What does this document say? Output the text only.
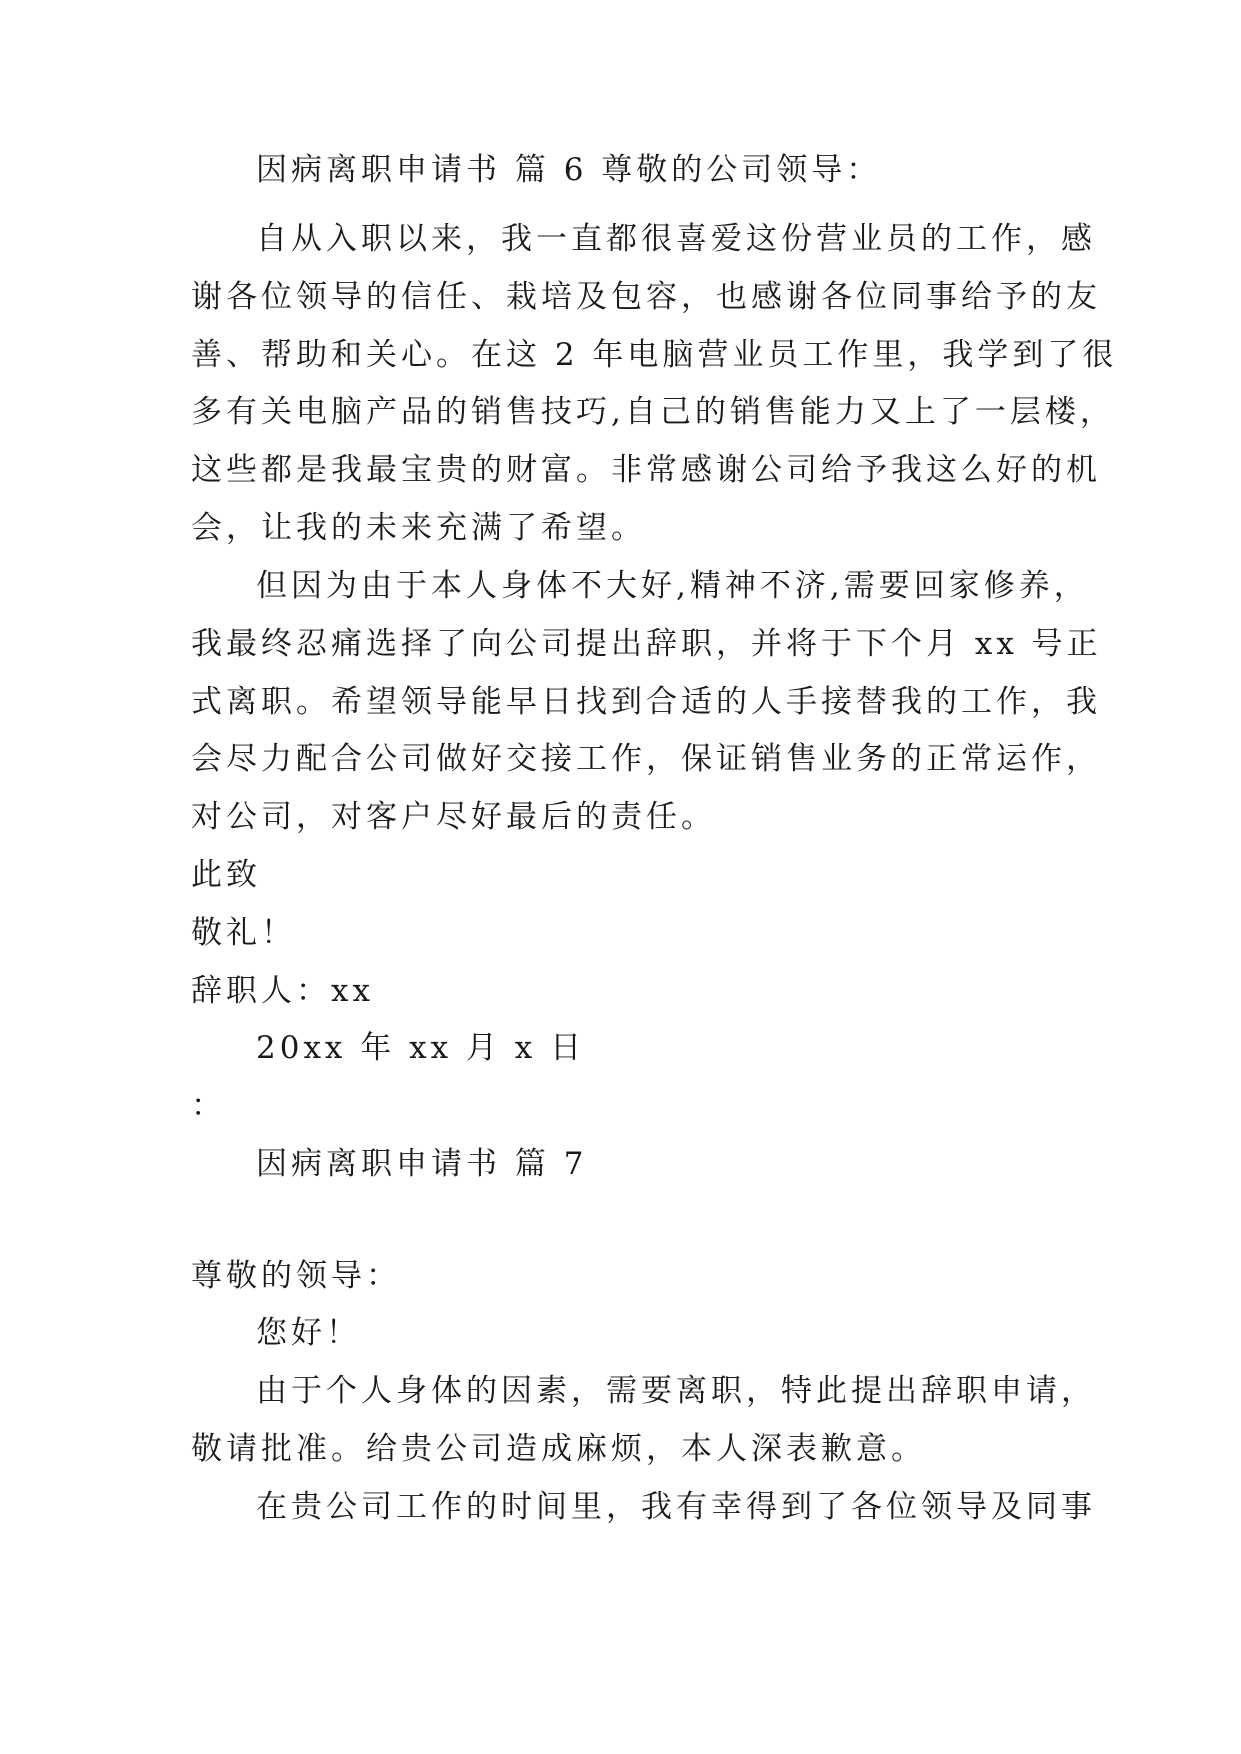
因病离职申请书 篇 6 尊敬的公司领导：
自从入职以来，我一直都很喜爱这份营业员的工作，感
谢各位领导的信任、栽培及包容，也感谢各位同事给予的友
善、帮助和关心。在这 2 年电脑营业员工作里，我学到了很
多有关电脑产品的销售技巧,自己的销售能力又上了一层楼，
这些都是我最宝贵的财富。非常感谢公司给予我这么好的机
会，让我的未来充满了希望。
但因为由于本人身体不大好,精神不济,需要回家修养，
我最终忍痛选择了向公司提出辞职，并将于下个月 xx 号正
式离职。希望领导能早日找到合适的人手接替我的工作，我
会尽力配合公司做好交接工作，保证销售业务的正常运作，
对公司，对客户尽好最后的责任。
此致
敬礼！
辞职人：xx
20xx 年 xx 月 x 日
：
因病离职申请书 篇 7
尊敬的领导：
您好！
由于个人身体的因素，需要离职，特此提出辞职申请，
敬请批准。给贵公司造成麻烦，本人深表歉意。
在贵公司工作的时间里，我有幸得到了各位领导及同事
